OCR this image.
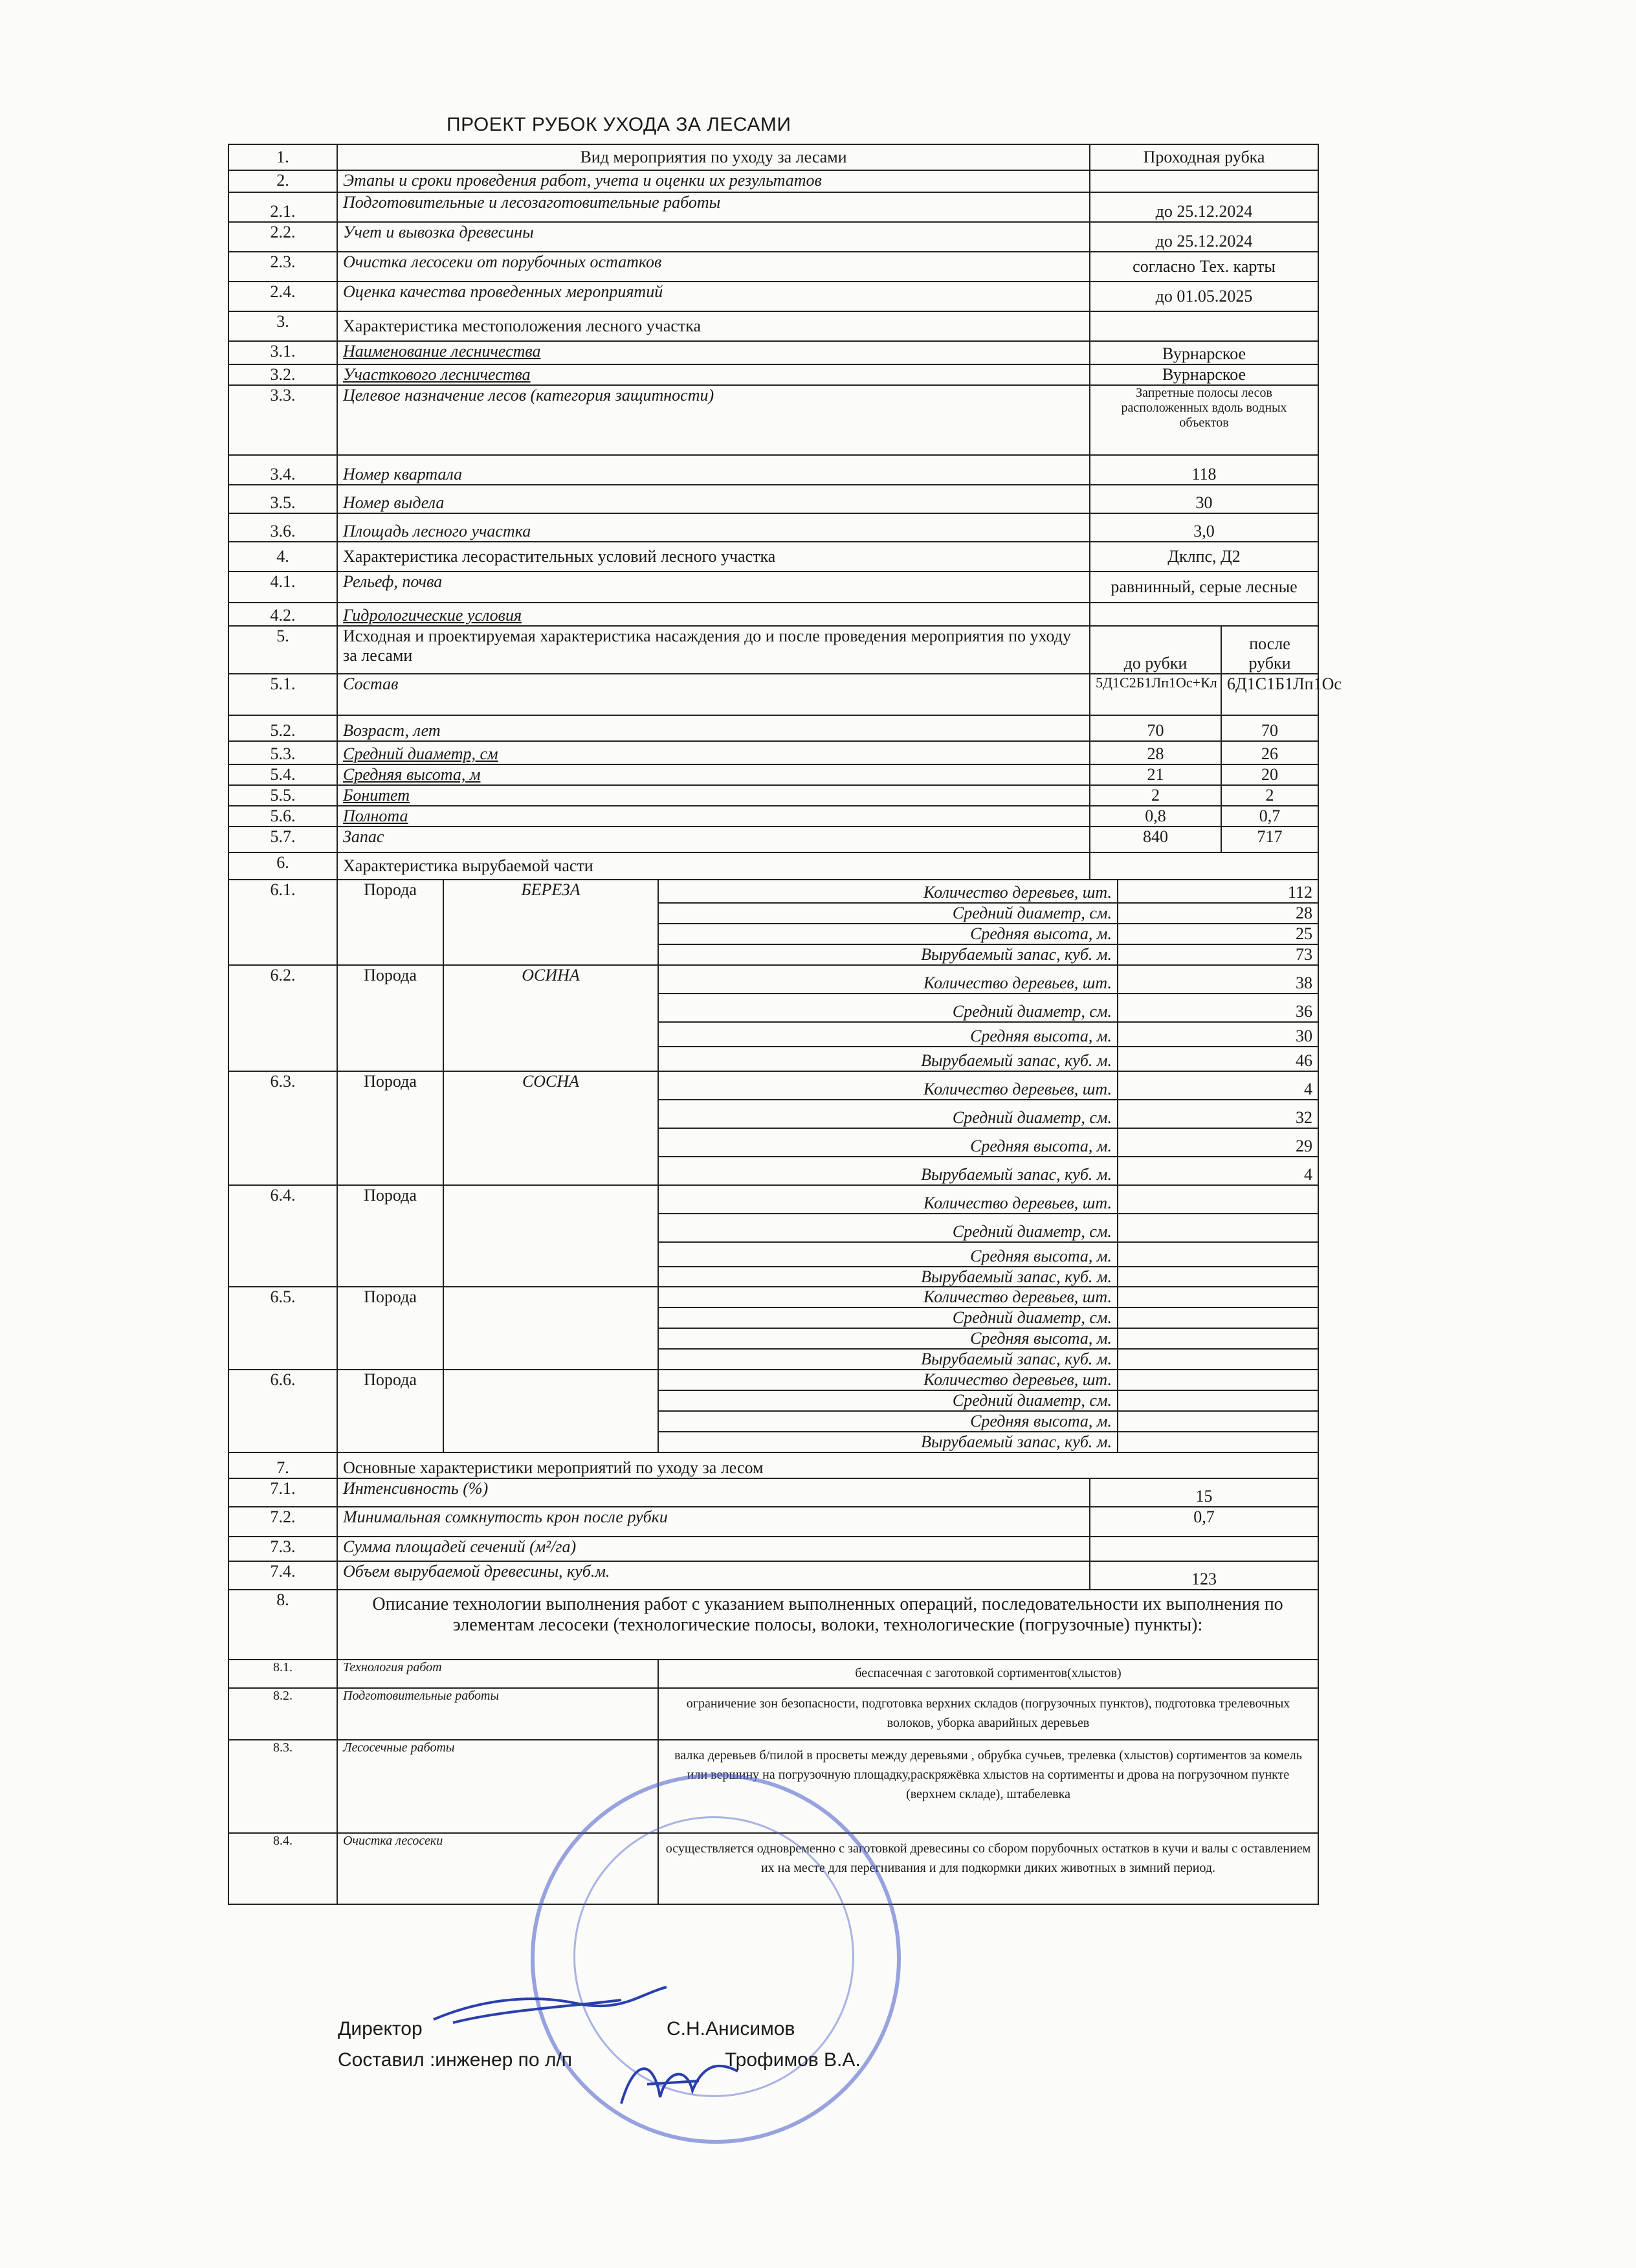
ПРОЕКТ РУБОК УХОДА ЗА ЛЕСАМИ
1.	Вид мероприятия по уходу за лесами			Проходная рубка		
2.	Этапы и сроки проведения работ, учета и оценки их результатов					
2.1.	Подготовительные и лесозаготовительные работы			до 25.12.2024		
2.2.	Учет и вывозка древесины			до 25.12.2024		
2.3.	Очистка лесосеки от порубочных остатков			согласно Тех. карты		
2.4.	Оценка качества проведенных мероприятий			до 01.05.2025		
3.	Характеристика местоположения лесного участка					
3.1.	Наименование лесничества			Вурнарское		
3.2.	Участкового лесничества			Вурнарское		
3.3.	Целевое назначение лесов (категория защитности)			Запретные полосы лесов расположенных вдоль водных объектов		
3.4.	Номер квартала			118		
3.5.	Номер выдела			30		
3.6.	Площадь лесного участка			3,0		
4.	Характеристика лесорастительных условий лесного участка			Дклпс, Д2		
4.1.	Рельеф, почва			равнинный, серые лесные		
4.2.	Гидрологические условия					
5.	Исходная и проектируемая характеристика насаждения до и после проведения мероприятия по уходу за лесами			до рубки		после рубки
5.1.	Состав			5Д1С2Б1Лп1Ос+Кл		6Д1С1Б1Лп1Ос
5.2.	Возраст, лет			70		70
5.3.	Средний диаметр, см			28		26
5.4.	Средняя высота, м			21		20
5.5.	Бонитет			2		2
5.6.	Полнота			0,8		0,7
5.7.	Запас			840		717
6.	Характеристика вырубаемой части					
6.1.	Порода	БЕРЕЗА	Количество деревьев, шт.		112	
			Средний диаметр, см.		28	
			Средняя высота, м.		25	
			Вырубаемый запас, куб. м.		73	
6.2.	Порода	ОСИНА	Количество деревьев, шт.		38	
			Средний диаметр, см.		36	
			Средняя высота, м.		30	
			Вырубаемый запас, куб. м.		46	
6.3.	Порода	СОСНА	Количество деревьев, шт.		4	
			Средний диаметр, см.		32	
			Средняя высота, м.		29	
			Вырубаемый запас, куб. м.		4	
6.4.	Порода		Количество деревьев, шт.			
			Средний диаметр, см.			
			Средняя высота, м.			
			Вырубаемый запас, куб. м.			
6.5.	Порода		Количество деревьев, шт.			
			Средний диаметр, см.			
			Средняя высота, м.			
			Вырубаемый запас, куб. м.			
6.6.	Порода		Количество деревьев, шт.			
			Средний диаметр, см.			
			Средняя высота, м.			
			Вырубаемый запас, куб. м.			
7.	Основные характеристики мероприятий по уходу за лесом					
7.1.	Интенсивность (%)			15		
7.2.	Минимальная сомкнутость крон после рубки			0,7		
7.3.	Сумма площадей сечений (м²/га)					
7.4.	Объем вырубаемой древесины, куб.м.			123		
8.	Описание технологии выполнения работ с указанием выполненных операций, последовательности их выполнения по элементам лесосеки (технологические полосы, волоки, технологические (погрузочные) пункты):					
8.1.	Технология работ		беспасечная с заготовкой сортиментов(хлыстов)			
8.2.	Подготовительные работы		ограничение зон безопасности, подготовка верхних складов (погрузочных пунктов), подготовка трелевочных волоков, уборка аварийных деревьев			
8.3.	Лесосечные работы		валка деревьев б/пилой в просветы между деревьями , обрубка сучьев, трелевка (хлыстов) сортиментов за комель или вершину на погрузочную площадку,раскряжёвка хлыстов на сортименты и дрова на погрузочном пункте (верхнем складе), штабелевка			
8.4.	Очистка лесосеки		осуществляется одновременно с заготовкой древесины со сбором порубочных остатков в кучи и валы с оставлением их на месте для перегнивания и для подкормки диких животных в зимний период.			
Директор	С.Н.Анисимов
Составил :инженер по л/п	Трофимов В.А.
